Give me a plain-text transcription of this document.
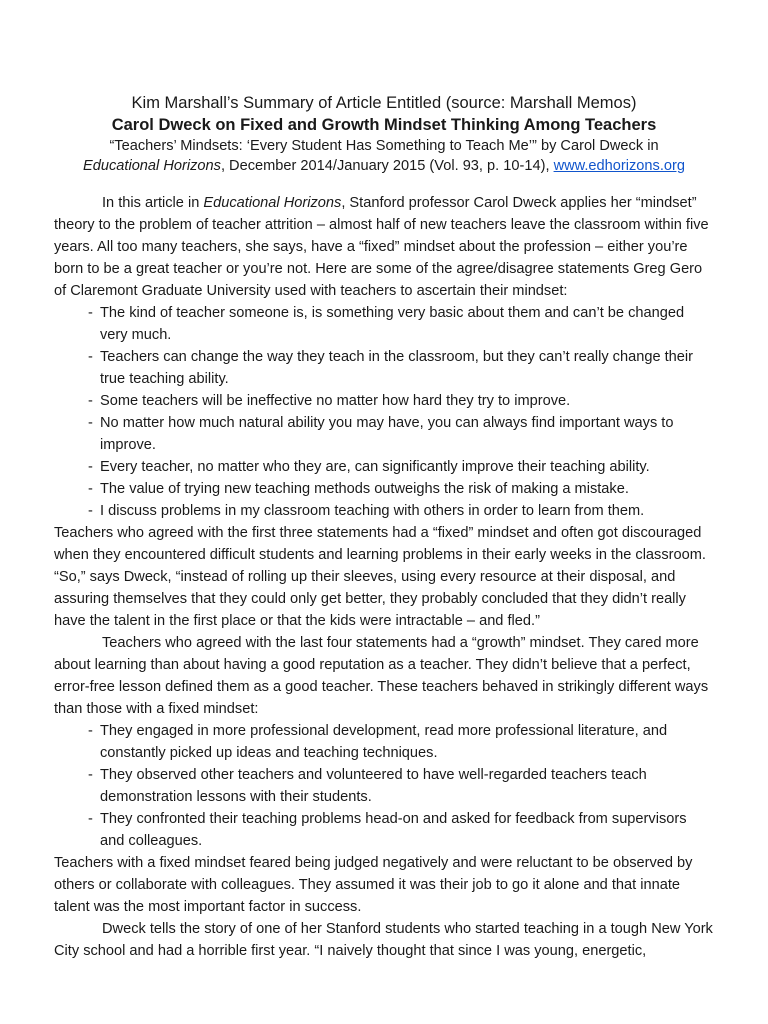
Kim Marshall’s Summary of Article Entitled (source: Marshall Memos)
Carol Dweck on Fixed and Growth Mindset Thinking Among Teachers
“Teachers’ Mindsets: ‘Every Student Has Something to Teach Me’” by Carol Dweck in Educational Horizons, December 2014/January 2015 (Vol. 93, p. 10-14), www.edhorizons.org

In this article in Educational Horizons, Stanford professor Carol Dweck applies her “mindset” theory to the problem of teacher attrition – almost half of new teachers leave the classroom within five years. All too many teachers, she says, have a “fixed” mindset about the profession – either you’re born to be a great teacher or you’re not. Here are some of the agree/disagree statements Greg Gero of Claremont Graduate University used with teachers to ascertain their mindset:

- The kind of teacher someone is, is something very basic about them and can’t be changed very much.
- Teachers can change the way they teach in the classroom, but they can’t really change their true teaching ability.
- Some teachers will be ineffective no matter how hard they try to improve.
- No matter how much natural ability you may have, you can always find important ways to improve.
- Every teacher, no matter who they are, can significantly improve their teaching ability.
- The value of trying new teaching methods outweighs the risk of making a mistake.
- I discuss problems in my classroom teaching with others in order to learn from them.

Teachers who agreed with the first three statements had a “fixed” mindset and often got discouraged when they encountered difficult students and learning problems in their early weeks in the classroom. “So,” says Dweck, “instead of rolling up their sleeves, using every resource at their disposal, and assuring themselves that they could only get better, they probably concluded that they didn’t really have the talent in the first place or that the kids were intractable – and fled.”

Teachers who agreed with the last four statements had a “growth” mindset. They cared more about learning than about having a good reputation as a teacher. They didn’t believe that a perfect, error-free lesson defined them as a good teacher. These teachers behaved in strikingly different ways than those with a fixed mindset:

- They engaged in more professional development, read more professional literature, and constantly picked up ideas and teaching techniques.
- They observed other teachers and volunteered to have well-regarded teachers teach demonstration lessons with their students.
- They confronted their teaching problems head-on and asked for feedback from supervisors and colleagues.

Teachers with a fixed mindset feared being judged negatively and were reluctant to be observed by others or collaborate with colleagues. They assumed it was their job to go it alone and that innate talent was the most important factor in success.

Dweck tells the story of one of her Stanford students who started teaching in a tough New York City school and had a horrible first year. “I naively thought that since I was young, energetic,
